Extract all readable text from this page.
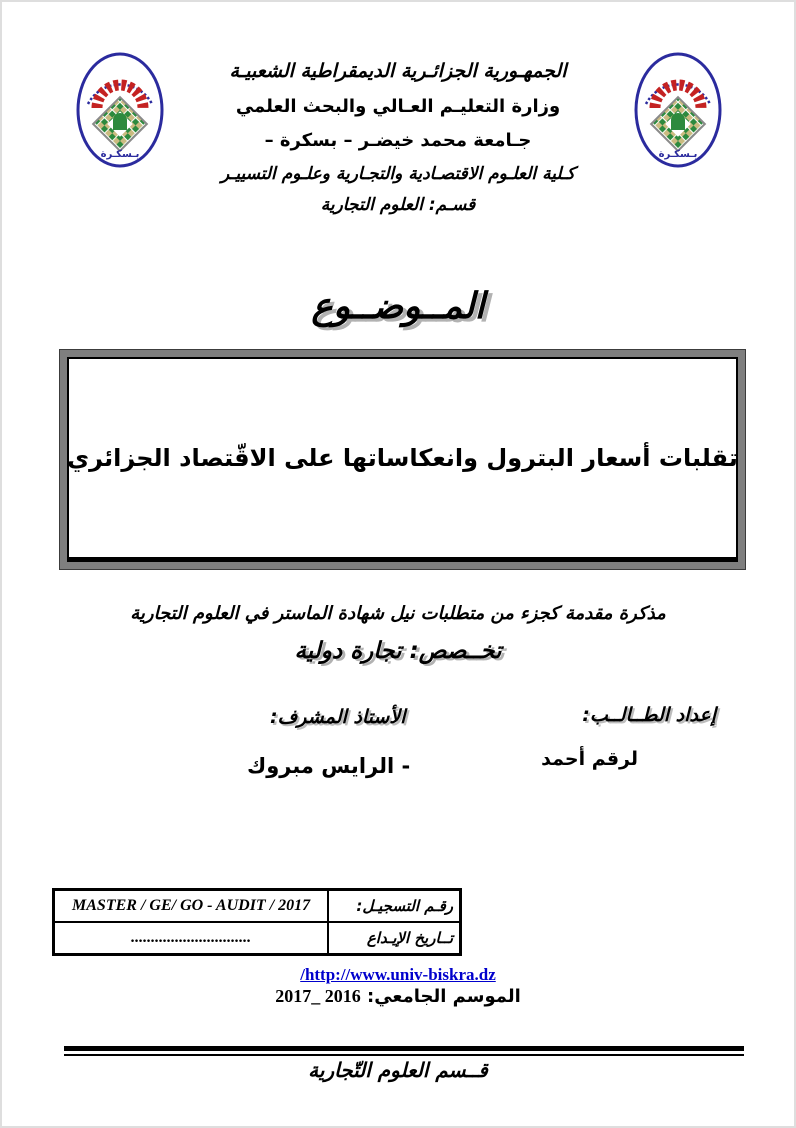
بـسكـرة	بـسكـرة

الجمهـورية الجزائـرية الديمقراطية الشعبيـة

وزارة التعليـم العـالي والبحث العلمي

جـامعة محمد خيضـر – بسكرة –

كـلية العلـوم الاقتصـادية والتجـارية وعلـوم التسييـر

قسـم: العلوم التجارية

المــوضــوع
تقلبات أسعار البترول وانعكاساتها على الاقّتصاد الجزائري

مذكرة مقدمة كجزء من متطلبات نيل شهادة الماستر في العلوم التجارية

تخــصص: تجارة دولية

إعداد الطــالــب:
لرقم أحمد
الأستاذ المشرف:
- الرايس مبروك
MASTER / GE/ GO - AUDIT / 2017	رقـم التسجيـل:
..............................	تــاريخ الإيـداع
/http://www.univ-biskra.dz
الموسم الجامعي: 2017_ 2016
قــسم العلوم التّجارية
